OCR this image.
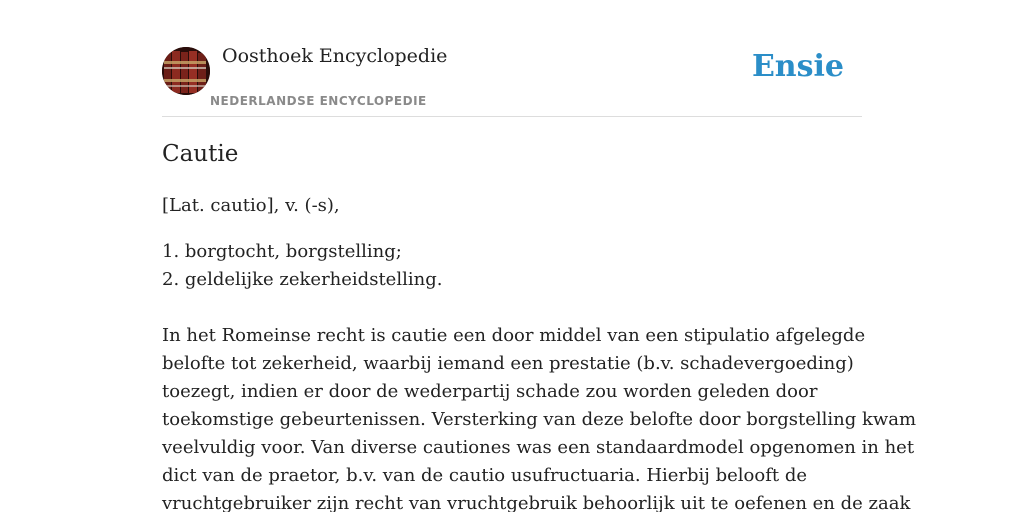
Oosthoek Encyclopedie
NEDERLANDSE ENCYCLOPEDIE
Ensie
Cautie

[Lat. cautio], v. (-s),

1. borgtocht, borgstelling;
2. geldelijke zekerheidstelling.

In het Romeinse recht is cautie een door middel van een stipulatio afgelegde
belofte tot zekerheid, waarbij iemand een prestatie (b.v. schadevergoeding)
toezegt, indien er door de wederpartij schade zou worden geleden door
toekomstige gebeurtenissen. Versterking van deze belofte door borgstelling kwam
veelvuldig voor. Van diverse cautiones was een standaardmodel opgenomen in het
dict van de praetor, b.v. van de cautio usufructuaria. Hierbij belooft de
vruchtgebruiker zijn recht van vruchtgebruik behoorlijk uit te oefenen en de zaak
